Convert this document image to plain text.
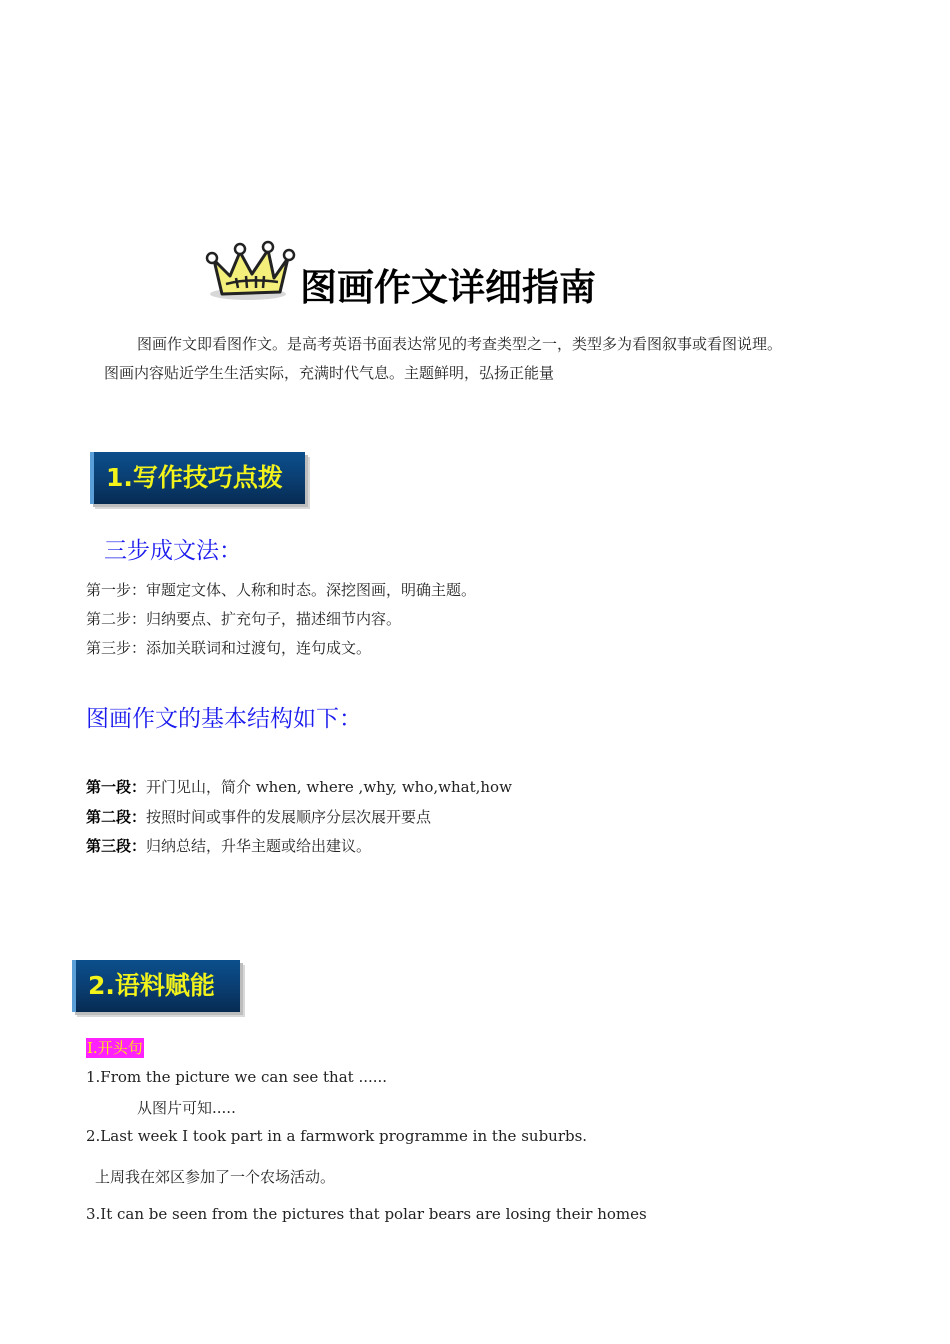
图画作文详细指南
图画作文即看图作文。是高考英语书面表达常见的考查类型之一，类型多为看图叙事或看图说理。
图画内容贴近学生生活实际，充满时代气息。主题鲜明，弘扬正能量
1.写作技巧点拨
三步成文法：
第一步：审题定文体、人称和时态。深挖图画，明确主题。
第二步：归纳要点、扩充句子，描述细节内容。
第三步：添加关联词和过渡句，连句成文。
图画作文的基本结构如下：
第一段：开门见山，简介 when, where ,why, who,what,how
第二段：按照时间或事件的发展顺序分层次展开要点
第三段：归纳总结，升华主题或给出建议。
2.语料赋能
I.开头句
1.From the picture we can see that ......
从图片可知.....
2.Last week I took part in a farmwork programme in the suburbs.
上周我在郊区参加了一个农场活动。
3.It can be seen from the pictures that polar bears are losing their homes
